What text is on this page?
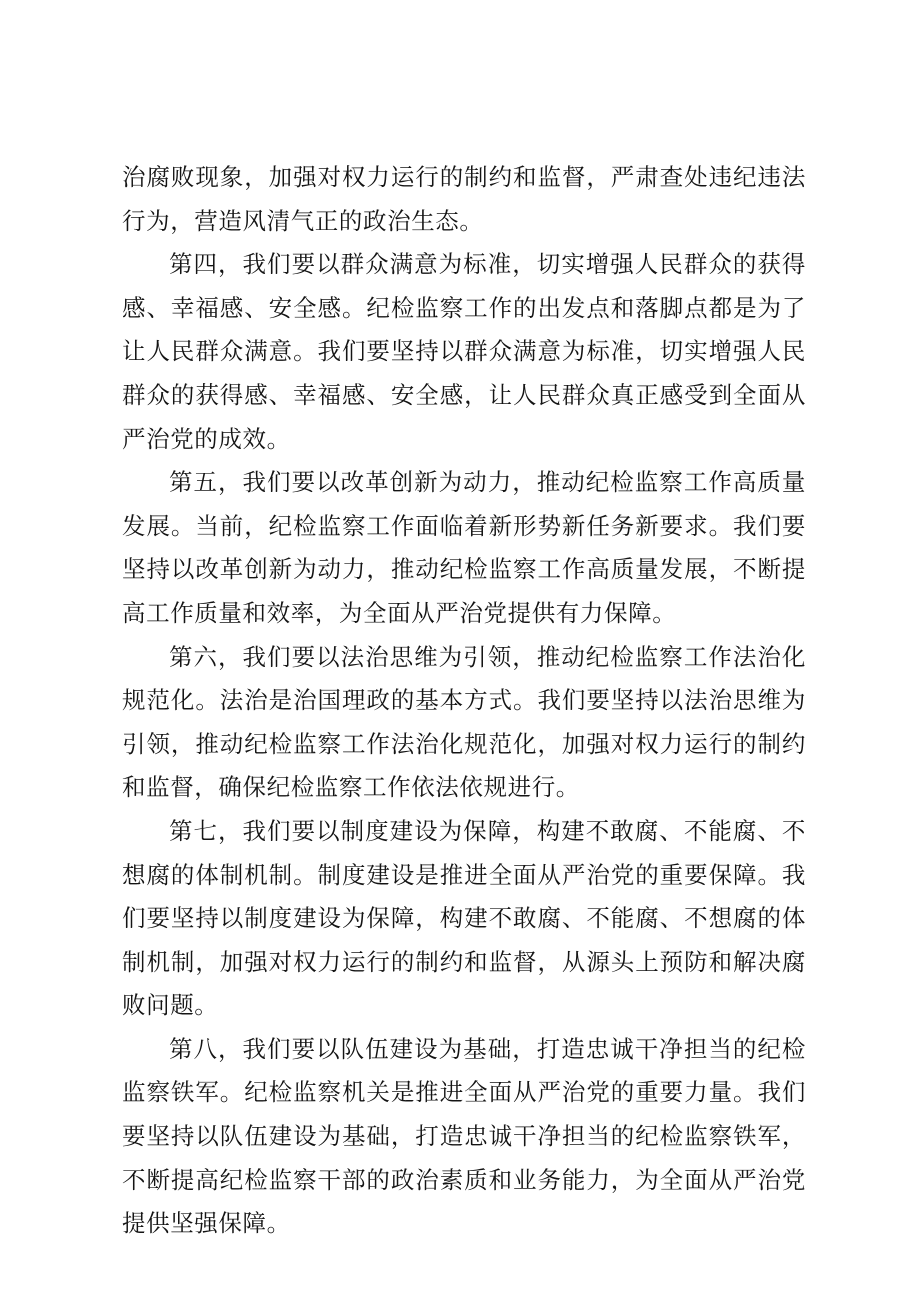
治腐败现象，加强对权力运行的制约和监督，严肃查处违纪违法行为，营造风清气正的政治生态。

第四，我们要以群众满意为标准，切实增强人民群众的获得感、幸福感、安全感。纪检监察工作的出发点和落脚点都是为了让人民群众满意。我们要坚持以群众满意为标准，切实增强人民群众的获得感、幸福感、安全感，让人民群众真正感受到全面从严治党的成效。

第五，我们要以改革创新为动力，推动纪检监察工作高质量发展。当前，纪检监察工作面临着新形势新任务新要求。我们要坚持以改革创新为动力，推动纪检监察工作高质量发展，不断提高工作质量和效率，为全面从严治党提供有力保障。

第六，我们要以法治思维为引领，推动纪检监察工作法治化规范化。法治是治国理政的基本方式。我们要坚持以法治思维为引领，推动纪检监察工作法治化规范化，加强对权力运行的制约和监督，确保纪检监察工作依法依规进行。

第七，我们要以制度建设为保障，构建不敢腐、不能腐、不想腐的体制机制。制度建设是推进全面从严治党的重要保障。我们要坚持以制度建设为保障，构建不敢腐、不能腐、不想腐的体制机制，加强对权力运行的制约和监督，从源头上预防和解决腐败问题。

第八，我们要以队伍建设为基础，打造忠诚干净担当的纪检监察铁军。纪检监察机关是推进全面从严治党的重要力量。我们要坚持以队伍建设为基础，打造忠诚干净担当的纪检监察铁军，不断提高纪检监察干部的政治素质和业务能力，为全面从严治党提供坚强保障。
